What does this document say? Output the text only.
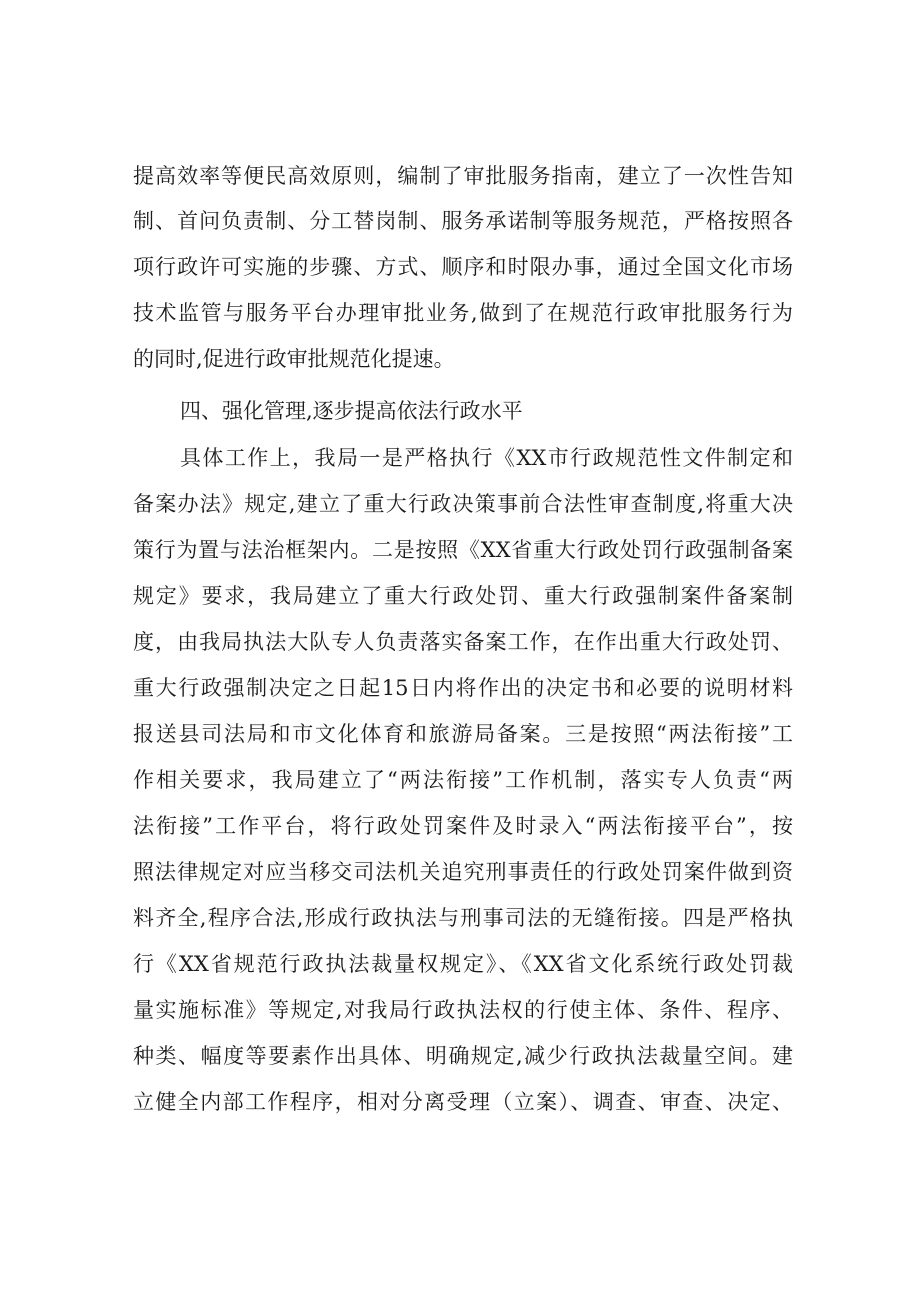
提高效率等便民高效原则，编制了审批服务指南，建立了一次性告知
制、首问负责制、分工替岗制、服务承诺制等服务规范，严格按照各
项行政许可实施的步骤、方式、顺序和时限办事，通过全国文化市场
技术监管与服务平台办理审批业务,做到了在规范行政审批服务行为
的同时,促进行政审批规范化提速。
四、强化管理,逐步提高依法行政水平
具体工作上，我局一是严格执行《XX市行政规范性文件制定和
备案办法》规定,建立了重大行政决策事前合法性审查制度,将重大决
策行为置与法治框架内。二是按照《XX省重大行政处罚行政强制备案
规定》要求，我局建立了重大行政处罚、重大行政强制案件备案制
度，由我局执法大队专人负责落实备案工作，在作出重大行政处罚、
重大行政强制决定之日起15日内将作出的决定书和必要的说明材料
报送县司法局和市文化体育和旅游局备案。三是按照“两法衔接”工
作相关要求，我局建立了“两法衔接”工作机制，落实专人负责“两
法衔接”工作平台，将行政处罚案件及时录入“两法衔接平台”，按
照法律规定对应当移交司法机关追究刑事责任的行政处罚案件做到资
料齐全,程序合法,形成行政执法与刑事司法的无缝衔接。四是严格执
行《XX省规范行政执法裁量权规定》、《XX省文化系统行政处罚裁
量实施标准》等规定,对我局行政执法权的行使主体、条件、程序、
种类、幅度等要素作出具体、明确规定,减少行政执法裁量空间。建
立健全内部工作程序，相对分离受理（立案）、调查、审查、决定、
